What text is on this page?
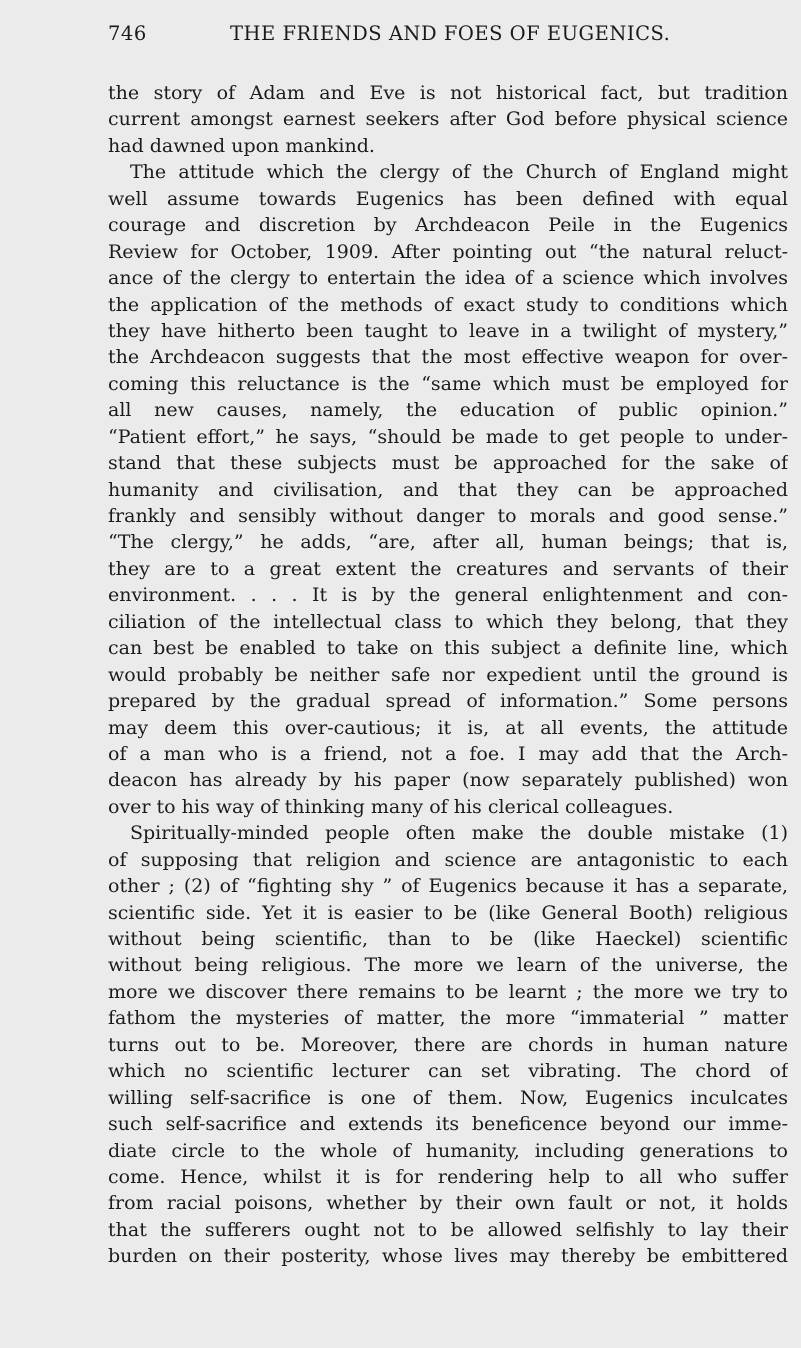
746	THE FRIENDS AND FOES OF EUGENICS.
the story of Adam and Eve is not historical fact, but tradition
current amongst earnest seekers after God before physical science
had dawned upon mankind.
The attitude which the clergy of the Church of England might
well assume towards Eugenics has been defined with equal
courage and discretion by Archdeacon Peile in the Eugenics
Review for October, 1909. After pointing out “the natural reluct-
ance of the clergy to entertain the idea of a science which involves
the application of the methods of exact study to conditions which
they have hitherto been taught to leave in a twilight of mystery,”
the Archdeacon suggests that the most effective weapon for over-
coming this reluctance is the “same which must be employed for
all new causes, namely, the education of public opinion.”
“Patient effort,” he says, “should be made to get people to under-
stand that these subjects must be approached for the sake of
humanity and civilisation, and that they can be approached
frankly and sensibly without danger to morals and good sense.”
“The clergy,” he adds, “are, after all, human beings; that is,
they are to a great extent the creatures and servants of their
environment. . . . It is by the general enlightenment and con-
ciliation of the intellectual class to which they belong, that they
can best be enabled to take on this subject a definite line, which
would probably be neither safe nor expedient until the ground is
prepared by the gradual spread of information.” Some persons
may deem this over-cautious; it is, at all events, the attitude
of a man who is a friend, not a foe. I may add that the Arch-
deacon has already by his paper (now separately published) won
over to his way of thinking many of his clerical colleagues.
Spiritually-minded people often make the double mistake (1)
of supposing that religion and science are antagonistic to each
other ; (2) of “fighting shy ” of Eugenics because it has a separate,
scientific side. Yet it is easier to be (like General Booth) religious
without being scientific, than to be (like Haeckel) scientific
without being religious. The more we learn of the universe, the
more we discover there remains to be learnt ; the more we try to
fathom the mysteries of matter, the more “immaterial ” matter
turns out to be. Moreover, there are chords in human nature
which no scientific lecturer can set vibrating. The chord of
willing self-sacrifice is one of them. Now, Eugenics inculcates
such self-sacrifice and extends its beneficence beyond our imme-
diate circle to the whole of humanity, including generations to
come. Hence, whilst it is for rendering help to all who suffer
from racial poisons, whether by their own fault or not, it holds
that the sufferers ought not to be allowed selfishly to lay their
burden on their posterity, whose lives may thereby be embittered
